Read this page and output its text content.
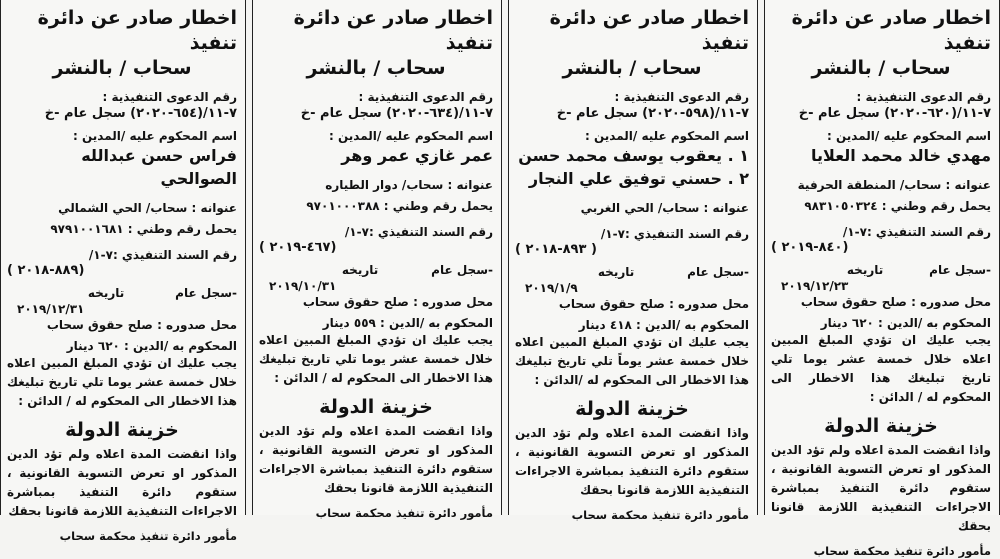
اخطار صادر عن دائرة تنفيذ
سحاب / بالنشر
رقم الدعوى التنفيذية :
٧-١١/(٦٢٠-٢٠٢٠) سجل عام -خ
اسم المحكوم عليه /المدين :
مهدي خالد محمد العلايا
عنوانه : سحاب/ المنطقة الحرفية
يحمل رقم وطني : ٩٨٣١٠٥٠٣٢٤
رقم السند التنفيذي :٧-١/
( ٨٤٠-٢٠١٩)
-سجل عام
تاريخه
٢٠١٩/١٢/٢٣
محل صدوره : صلح حقوق سحاب
المحكوم به /الدين : ٦٢٠ دينار
يجب عليك ان تؤدي المبلغ المبين اعلاه خلال خمسة عشر يوما تلي تاريخ تبليغك هذا الاخطار الى المحكوم له / الدائن :
خزينة الدولة
واذا انقضت المدة اعلاه ولم تؤد الدين المذكور او تعرض التسوية القانونية ، ستقوم دائرة التنفيذ بمباشرة الاجراءات التنفيذية اللازمة قانونا بحقك
مأمور دائرة تنفيذ محكمة سحاب
اخطار صادر عن دائرة تنفيذ
سحاب / بالنشر
رقم الدعوى التنفيذية :
٧-١١/(٥٩٨-٢٠٢٠) سجل عام -خ
اسم المحكوم عليه /المدين :
١ . يعقوب يوسف محمد حسن
٢ . حسني توفيق علي النجار
عنوانه : سحاب/ الحي الغربي
رقم السند التنفيذي :٧-١/
( ٨٩٣-٢٠١٨ )
-سجل عام
تاريخه
٢٠١٩/١/٩
محل صدوره : صلح حقوق سحاب
المحكوم به /الدين : ٤١٨ دينار
يجب عليك ان تؤدي المبلغ المبين اعلاه خلال خمسة عشر يوماً تلي تاريخ تبليغك هذا الاخطار الى المحكوم له /الدائن :
خزينة الدولة
واذا انقضت المدة اعلاه ولم تؤد الدين المذكور او تعرض التسوية القانونية ، ستقوم دائرة التنفيذ بمباشرة الاجراءات التنفيذية اللازمة قانونا بحقك
مأمور دائرة تنفيذ محكمة سحاب
اخطار صادر عن دائرة تنفيذ
سحاب / بالنشر
رقم الدعوى التنفيذية :
٧-١١/(٦٣٤-٢٠٢٠) سجل عام -خ
اسم المحكوم عليه /المدين :
عمر غازي عمر وهر
عنوانه : سحاب/ دوار الطياره
يحمل رقم وطني : ٩٧٠١٠٠٠٣٨٨
رقم السند التنفيذي :٧-١/
( ٤٦٧-٢٠١٩)
-سجل عام
تاريخه
٢٠١٩/١٠/٣١
محل صدوره : صلح حقوق سحاب
المحكوم به /الدين : ٥٥٩ دينار
يجب عليك ان تؤدي المبلغ المبين اعلاه خلال خمسة عشر يوما تلي تاريخ تبليغك هذا الاخطار الى المحكوم له / الدائن :
خزينة الدولة
واذا انقضت المدة اعلاه ولم تؤد الدين المذكور او تعرض التسوية القانونية ، ستقوم دائرة التنفيذ بمباشرة الاجراءات التنفيذية اللازمة قانونا بحقك
مأمور دائرة تنفيذ محكمة سحاب
اخطار صادر عن دائرة تنفيذ
سحاب / بالنشر
رقم الدعوى التنفيذية :
٧-١١/(٦٥٤-٢٠٢٠) سجل عام -خ
اسم المحكوم عليه /المدين :
فراس حسن عبدالله الصوالحي
عنوانه : سحاب/ الحي الشمالي
يحمل رقم وطني : ٩٧٩١٠٠١٦٨١
رقم السند التنفيذي :٧-١/
( ٨٨٩-٢٠١٨)
-سجل عام
تاريخه
٢٠١٩/١٢/٣١
محل صدوره : صلح حقوق سحاب
المحكوم به /الدين : ٦٢٠ دينار
يجب عليك ان تؤدي المبلغ المبين اعلاه خلال خمسة عشر يوما تلي تاريخ تبليغك هذا الاخطار الى المحكوم له / الدائن :
خزينة الدولة
واذا انقضت المدة اعلاه ولم تؤد الدين المذكور او تعرض التسوية القانونية ، ستقوم دائرة التنفيذ بمباشرة الاجراءات التنفيذية اللازمة قانونا بحقك
مأمور دائرة تنفيذ محكمة سحاب
